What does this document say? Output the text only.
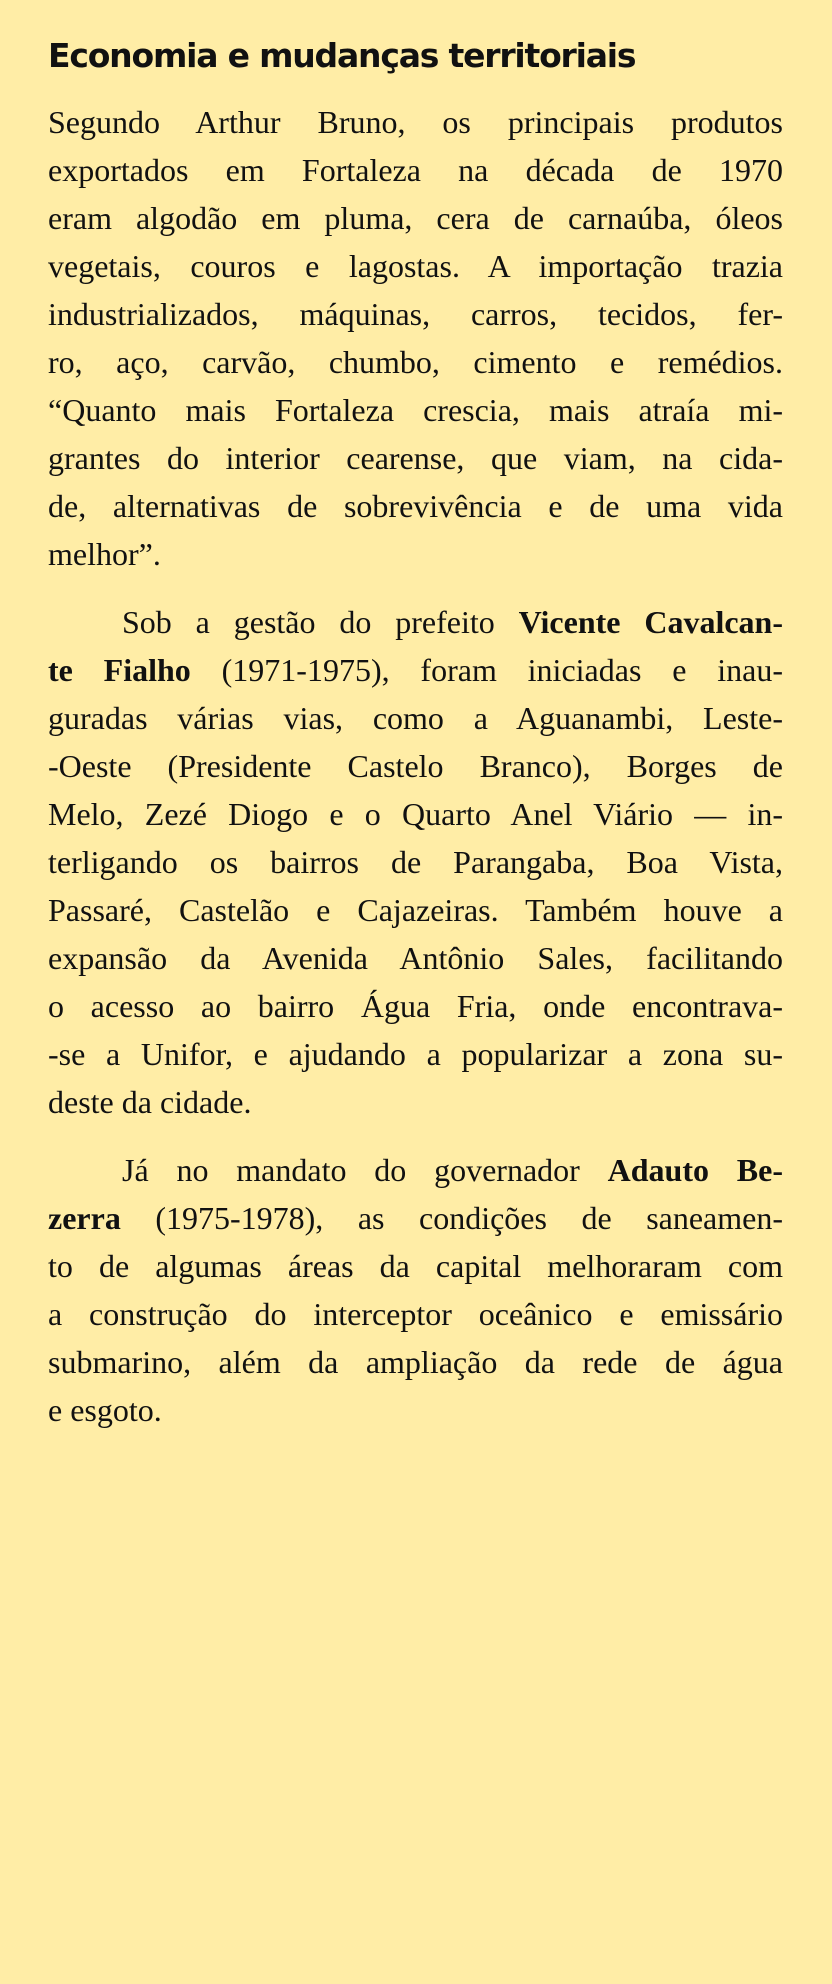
Economia e mudanças territoriais

Segundo Arthur Bruno, os principais produtos
exportados em Fortaleza na década de 1970
eram algodão em pluma, cera de carnaúba, óleos
vegetais, couros e lagostas. A importação trazia
industrializados, máquinas, carros, tecidos, fer-
ro, aço, carvão, chumbo, cimento e remédios.
“Quanto mais Fortaleza crescia, mais atraía mi-
grantes do interior cearense, que viam, na cida-
de, alternativas de sobrevivência e de uma vida
melhor”.

Sob a gestão do prefeito Vicente Cavalcan-
te Fialho (1971-1975), foram iniciadas e inau-
guradas várias vias, como a Aguanambi, Leste-
-Oeste (Presidente Castelo Branco), Borges de
Melo, Zezé Diogo e o Quarto Anel Viário — in-
terligando os bairros de Parangaba, Boa Vista,
Passaré, Castelão e Cajazeiras. Também houve a
expansão da Avenida Antônio Sales, facilitando
o acesso ao bairro Água Fria, onde encontrava-
-se a Unifor, e ajudando a popularizar a zona su-
deste da cidade.

Já no mandato do governador Adauto Be-
zerra (1975-1978), as condições de saneamen-
to de algumas áreas da capital melhoraram com
a construção do interceptor oceânico e emissário
submarino, além da ampliação da rede de água
e esgoto.
